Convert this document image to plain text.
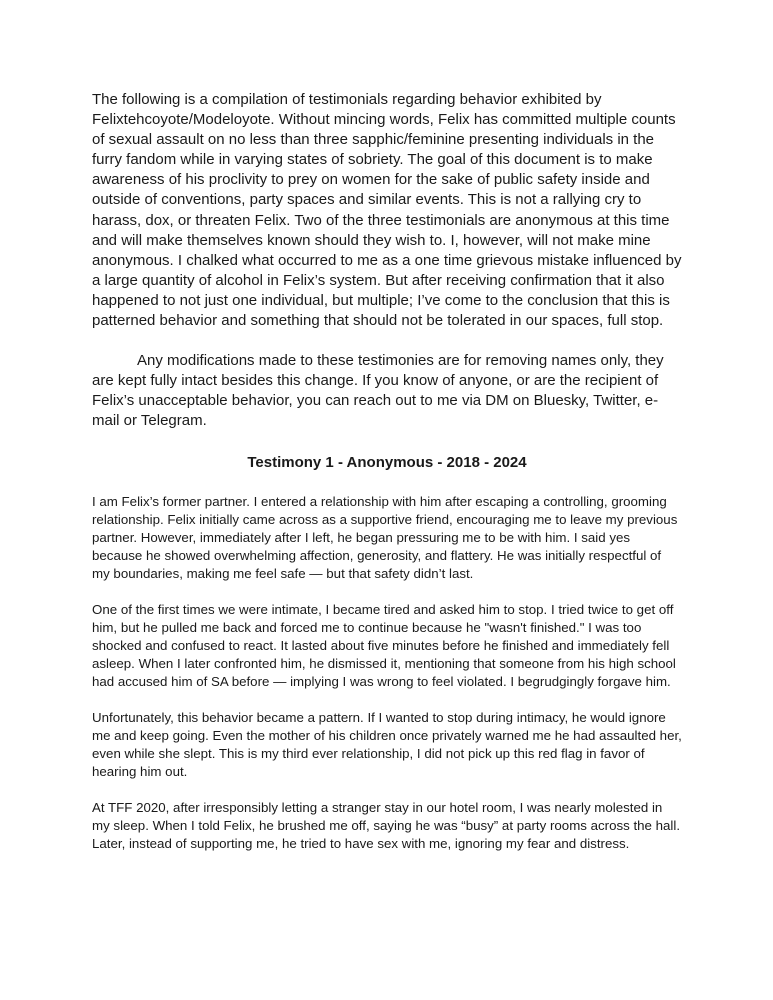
The following is a compilation of testimonials regarding behavior exhibited by Felixtehcoyote/Modeloyote. Without mincing words, Felix has committed multiple counts of sexual assault on no less than three sapphic/feminine presenting individuals in the furry fandom while in varying states of sobriety. The goal of this document is to make awareness of his proclivity to prey on women for the sake of public safety inside and outside of conventions, party spaces and similar events. This is not a rallying cry to harass, dox, or threaten Felix. Two of the three testimonials are anonymous at this time and will make themselves known should they wish to. I, however, will not make mine anonymous. I chalked what occurred to me as a one time grievous mistake influenced by a large quantity of alcohol in Felix’s system. But after receiving confirmation that it also happened to not just one individual, but multiple; I’ve come to the conclusion that this is patterned behavior and something that should not be tolerated in our spaces, full stop.

Any modifications made to these testimonies are for removing names only, they are kept fully intact besides this change. If you know of anyone, or are the recipient of Felix’s unacceptable behavior, you can reach out to me via DM on Bluesky, Twitter, e-mail or Telegram.

Testimony 1 - Anonymous - 2018 - 2024

I am Felix’s former partner. I entered a relationship with him after escaping a controlling, grooming relationship. Felix initially came across as a supportive friend, encouraging me to leave my previous partner. However, immediately after I left, he began pressuring me to be with him. I said yes because he showed overwhelming affection, generosity, and flattery. He was initially respectful of my boundaries, making me feel safe — but that safety didn’t last.

One of the first times we were intimate, I became tired and asked him to stop. I tried twice to get off him, but he pulled me back and forced me to continue because he "wasn't finished." I was too shocked and confused to react. It lasted about five minutes before he finished and immediately fell asleep. When I later confronted him, he dismissed it, mentioning that someone from his high school had accused him of SA before — implying I was wrong to feel violated. I begrudgingly forgave him.

Unfortunately, this behavior became a pattern. If I wanted to stop during intimacy, he would ignore me and keep going. Even the mother of his children once privately warned me he had assaulted her, even while she slept. This is my third ever relationship, I did not pick up this red flag in favor of hearing him out.

At TFF 2020, after irresponsibly letting a stranger stay in our hotel room, I was nearly molested in my sleep. When I told Felix, he brushed me off, saying he was “busy” at party rooms across the hall. Later, instead of supporting me, he tried to have sex with me, ignoring my fear and distress.
